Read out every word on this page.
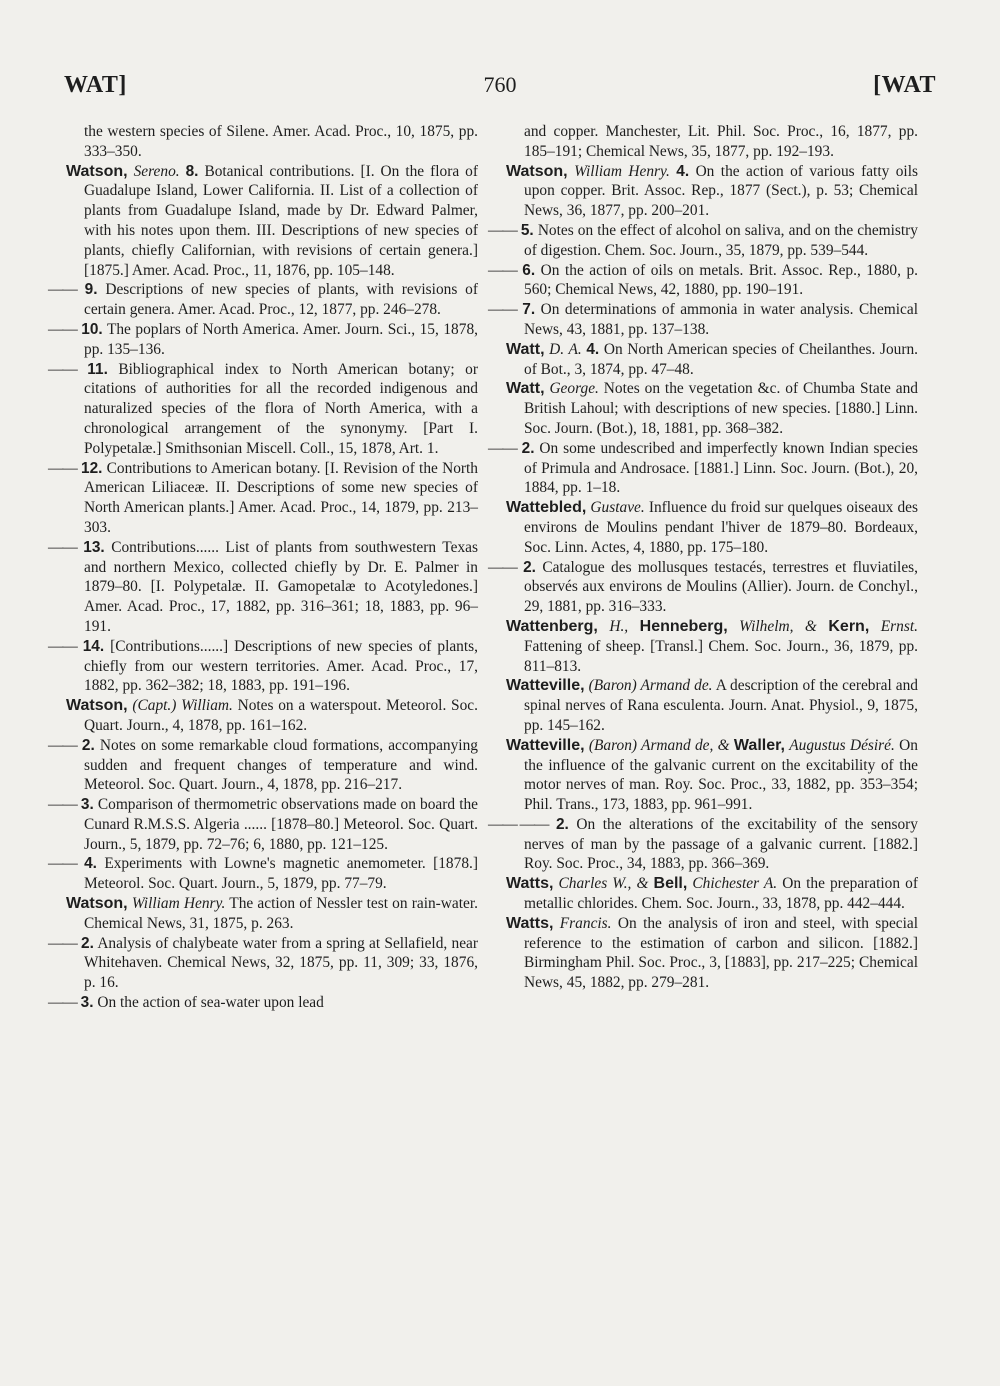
WAT]	760	[WAT

the western species of Silene. Amer. Acad. Proc., 10, 1875, pp. 333–350.

Watson, Sereno. 8. Botanical contributions. [I. On the flora of Guadalupe Island, Lower California. II. List of a collection of plants from Guadalupe Island, made by Dr. Edward Palmer, with his notes upon them. III. Descriptions of new species of plants, chiefly Californian, with revisions of certain genera.] [1875.] Amer. Acad. Proc., 11, 1876, pp. 105–148.

—— 9. Descriptions of new species of plants, with revisions of certain genera. Amer. Acad. Proc., 12, 1877, pp. 246–278.

—— 10. The poplars of North America. Amer. Journ. Sci., 15, 1878, pp. 135–136.

—— 11. Bibliographical index to North American botany; or citations of authorities for all the recorded indigenous and naturalized species of the flora of North America, with a chronological arrangement of the synonymy. [Part I. Polypetalæ.] Smithsonian Miscell. Coll., 15, 1878, Art. 1.

—— 12. Contributions to American botany. [I. Revision of the North American Liliaceæ. II. Descriptions of some new species of North American plants.] Amer. Acad. Proc., 14, 1879, pp. 213–303.

—— 13. Contributions...... List of plants from southwestern Texas and northern Mexico, collected chiefly by Dr. E. Palmer in 1879–80. [I. Polypetalæ. II. Gamopetalæ to Acotyledones.] Amer. Acad. Proc., 17, 1882, pp. 316–361; 18, 1883, pp. 96–191.

—— 14. [Contributions......] Descriptions of new species of plants, chiefly from our western territories. Amer. Acad. Proc., 17, 1882, pp. 362–382; 18, 1883, pp. 191–196.

Watson, (Capt.) William. Notes on a waterspout. Meteorol. Soc. Quart. Journ., 4, 1878, pp. 161–162.

—— 2. Notes on some remarkable cloud formations, accompanying sudden and frequent changes of temperature and wind. Meteorol. Soc. Quart. Journ., 4, 1878, pp. 216–217.

—— 3. Comparison of thermometric observations made on board the Cunard R.M.S.S. Algeria ...... [1878–80.] Meteorol. Soc. Quart. Journ., 5, 1879, pp. 72–76; 6, 1880, pp. 121–125.

—— 4. Experiments with Lowne's magnetic anemometer. [1878.] Meteorol. Soc. Quart. Journ., 5, 1879, pp. 77–79.

Watson, William Henry. The action of Nessler test on rain-water. Chemical News, 31, 1875, p. 263.

—— 2. Analysis of chalybeate water from a spring at Sellafield, near Whitehaven. Chemical News, 32, 1875, pp. 11, 309; 33, 1876, p. 16.

—— 3. On the action of sea-water upon lead

and copper. Manchester, Lit. Phil. Soc. Proc., 16, 1877, pp. 185–191; Chemical News, 35, 1877, pp. 192–193.

Watson, William Henry. 4. On the action of various fatty oils upon copper. Brit. Assoc. Rep., 1877 (Sect.), p. 53; Chemical News, 36, 1877, pp. 200–201.

—— 5. Notes on the effect of alcohol on saliva, and on the chemistry of digestion. Chem. Soc. Journ., 35, 1879, pp. 539–544.

—— 6. On the action of oils on metals. Brit. Assoc. Rep., 1880, p. 560; Chemical News, 42, 1880, pp. 190–191.

—— 7. On determinations of ammonia in water analysis. Chemical News, 43, 1881, pp. 137–138.

Watt, D. A. 4. On North American species of Cheilanthes. Journ. of Bot., 3, 1874, pp. 47–48.

Watt, George. Notes on the vegetation &c. of Chumba State and British Lahoul; with descriptions of new species. [1880.] Linn. Soc. Journ. (Bot.), 18, 1881, pp. 368–382.

—— 2. On some undescribed and imperfectly known Indian species of Primula and Androsace. [1881.] Linn. Soc. Journ. (Bot.), 20, 1884, pp. 1–18.

Wattebled, Gustave. Influence du froid sur quelques oiseaux des environs de Moulins pendant l'hiver de 1879–80. Bordeaux, Soc. Linn. Actes, 4, 1880, pp. 175–180.

—— 2. Catalogue des mollusques testacés, terrestres et fluviatiles, observés aux environs de Moulins (Allier). Journ. de Conchyl., 29, 1881, pp. 316–333.

Wattenberg, H., Henneberg, Wilhelm, & Kern, Ernst. Fattening of sheep. [Transl.] Chem. Soc. Journ., 36, 1879, pp. 811–813.

Watteville, (Baron) Armand de. A description of the cerebral and spinal nerves of Rana esculenta. Journ. Anat. Physiol., 9, 1875, pp. 145–162.

Watteville, (Baron) Armand de, & Waller, Augustus Désiré. On the influence of the galvanic current on the excitability of the motor nerves of man. Roy. Soc. Proc., 33, 1882, pp. 353–354; Phil. Trans., 173, 1883, pp. 961–991.

—— —— 2. On the alterations of the excitability of the sensory nerves of man by the passage of a galvanic current. [1882.] Roy. Soc. Proc., 34, 1883, pp. 366–369.

Watts, Charles W., & Bell, Chichester A. On the preparation of metallic chlorides. Chem. Soc. Journ., 33, 1878, pp. 442–444.

Watts, Francis. On the analysis of iron and steel, with special reference to the estimation of carbon and silicon. [1882.] Birmingham Phil. Soc. Proc., 3, [1883], pp. 217–225; Chemical News, 45, 1882, pp. 279–281.
